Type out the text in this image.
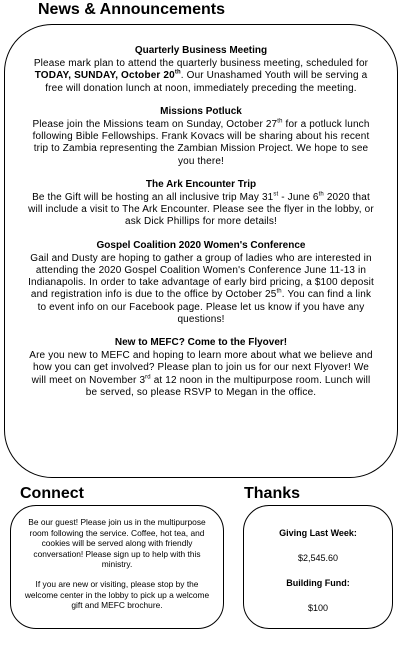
News & Announcements
Quarterly Business Meeting

Please mark plan to attend the quarterly business meeting, scheduled for TODAY, SUNDAY, October 20th. Our Unashamed Youth will be serving a free will donation lunch at noon, immediately preceding the meeting.

Missions Potluck

Please join the Missions team on Sunday, October 27th for a potluck lunch following Bible Fellowships. Frank Kovacs will be sharing about his recent trip to Zambia representing the Zambian Mission Project. We hope to see you there!

The Ark Encounter Trip

Be the Gift will be hosting an all inclusive trip May 31st - June 6th 2020 that will include a visit to The Ark Encounter. Please see the flyer in the lobby, or ask Dick Phillips for more details!

Gospel Coalition 2020 Women's Conference

Gail and Dusty are hoping to gather a group of ladies who are interested in attending the 2020 Gospel Coalition Women's Conference June 11-13 in Indianapolis. In order to take advantage of early bird pricing, a $100 deposit and registration info is due to the office by October 25th. You can find a link to event info on our Facebook page. Please let us know if you have any questions!

New to MEFC? Come to the Flyover!

Are you new to MEFC and hoping to learn more about what we believe and how you can get involved? Please plan to join us for our next Flyover! We will meet on November 3rd at 12 noon in the multipurpose room. Lunch will be served, so please RSVP to Megan in the office.

Connect	Thanks

Be our guest! Please join us in the multipurpose room following the service. Coffee, hot tea, and cookies will be served along with friendly conversation! Please sign up to help with this ministry.

If you are new or visiting, please stop by the welcome center in the lobby to pick up a welcome gift and MEFC brochure.

Giving Last Week:
$2,545.60
Building Fund:
$100
